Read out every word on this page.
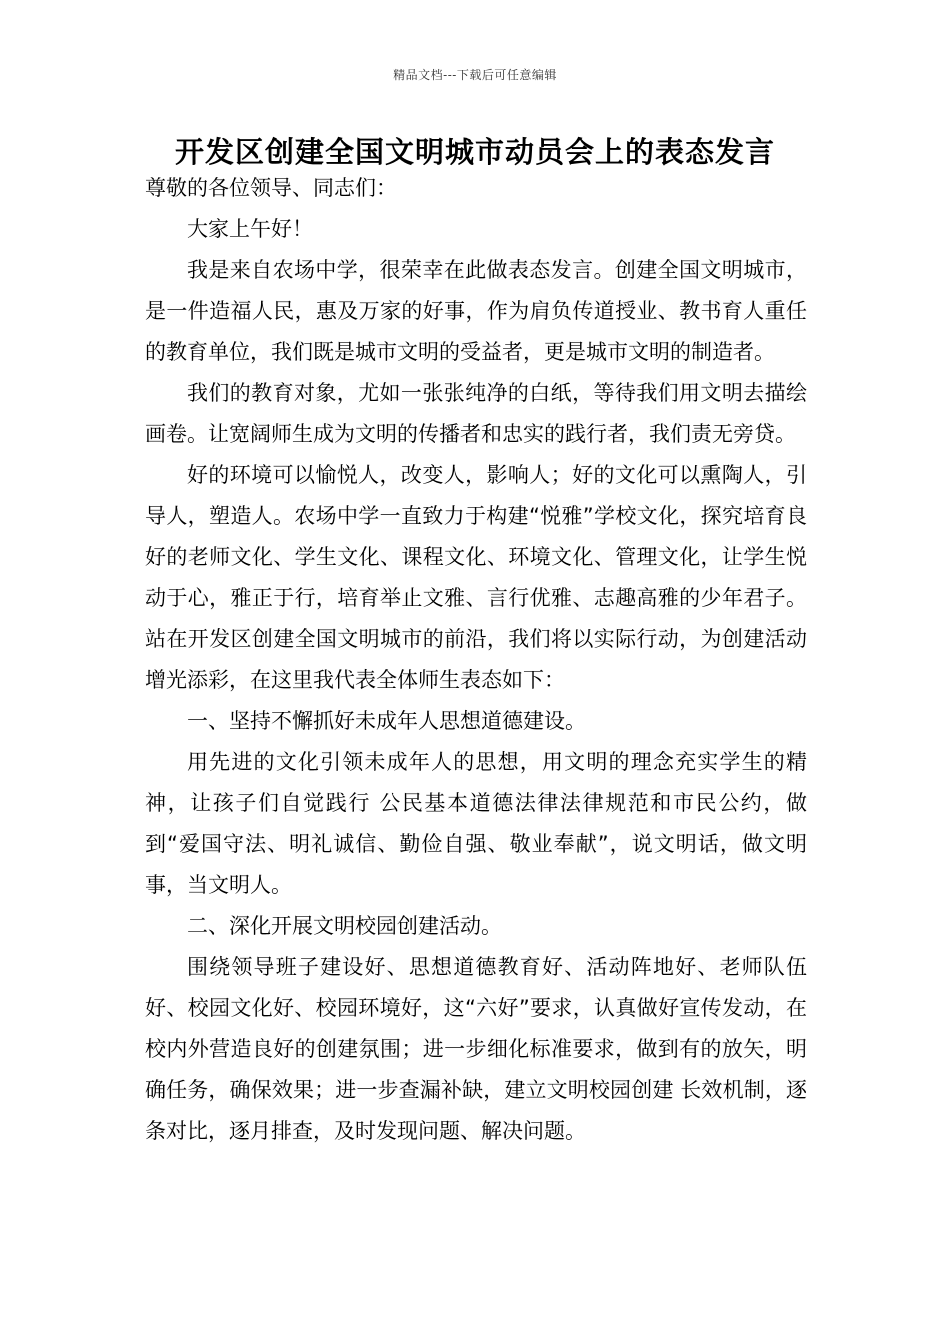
精品文档---下载后可任意编辑
开发区创建全国文明城市动员会上的表态发言

尊敬的各位领导、同志们：

大家上午好！

我是来自农场中学，很荣幸在此做表态发言。创建全国文明城市，是一件造福人民，惠及万家的好事，作为肩负传道授业、教书育人重任的教育单位，我们既是城市文明的受益者，更是城市文明的制造者。

我们的教育对象，尤如一张张纯净的白纸，等待我们用文明去描绘画卷。让宽阔师生成为文明的传播者和忠实的践行者，我们责无旁贷。

好的环境可以愉悦人，改变人，影响人；好的文化可以熏陶人，引导人，塑造人。农场中学一直致力于构建“悦雅”学校文化，探究培育良好的老师文化、学生文化、课程文化、环境文化、管理文化，让学生悦动于心，雅正于行，培育举止文雅、言行优雅、志趣高雅的少年君子。站在开发区创建全国文明城市的前沿，我们将以实际行动，为创建活动增光添彩，在这里我代表全体师生表态如下：

一、坚持不懈抓好未成年人思想道德建设。

用先进的文化引领未成年人的思想，用文明的理念充实学生的精神，让孩子们自觉践行 公民基本道德法律法律规范和市民公约，做到“爱国守法、明礼诚信、勤俭自强、敬业奉献”，说文明话，做文明事，当文明人。

二、深化开展文明校园创建活动。

围绕领导班子建设好、思想道德教育好、活动阵地好、老师队伍好、校园文化好、校园环境好，这“六好”要求，认真做好宣传发动，在校内外营造良好的创建氛围；进一步细化标准要求，做到有的放矢，明确任务，确保效果；进一步查漏补缺，建立文明校园创建 长效机制，逐条对比，逐月排查，及时发现问题、解决问题。
